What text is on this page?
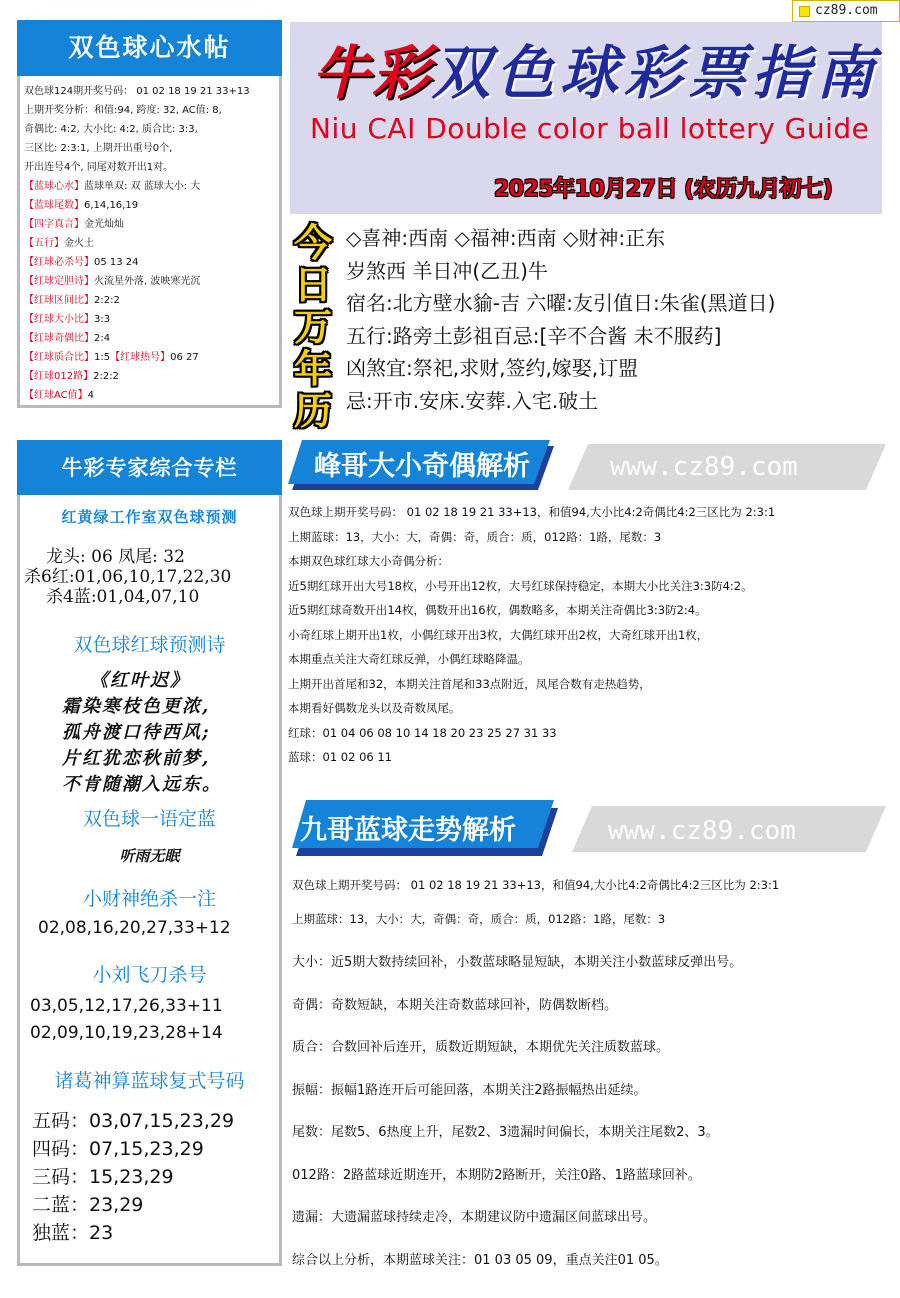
cz89.com
双色球心水帖
双色球124期开奖号码： 01 02 18 19 21 33+13
上期开奖分析：和值:94, 跨度: 32, AC值: 8,
奇偶比: 4:2, 大小比: 4:2, 质合比: 3:3,
三区比: 2:3:1, 上期开出重号0个,
开出连号4个, 同尾对数开出1对。
【蓝球心水】蓝球单双: 双 蓝球大小: 大
【蓝球尾数】6,14,16,19
【四字真言】金光灿灿
【五行】金火土
【红球必杀号】05 13 24
【红球定胆诗】火流星外落, 波映寒光沉
【红球区间比】2:2:2
【红球大小比】3:3
【红球奇偶比】2:4
【红球质合比】1:5【红球热号】06 27
【红球012路】2:2:2
【红球AC值】4
牛彩专家综合专栏
红黄绿工作室双色球预测
龙头: 06 凤尾: 32
杀6红:01,06,10,17,22,30
杀4蓝:01,04,07,10
双色球红球预测诗
《红叶迟》
霜染寒枝色更浓,
孤舟渡口待西风;
片红犹恋秋前梦,
不肯随潮入远东。
双色球一语定蓝
听雨无眠
小财神绝杀一注
02,08,16,20,27,33+12
小刘飞刀杀号
03,05,12,17,26,33+11
02,09,10,19,23,28+14
诸葛神算蓝球复式号码
五码：03,07,15,23,29
四码：07,15,23,29
三码：15,23,29
二蓝：23,29
独蓝：23
牛彩 双色球彩票指南
Niu CAI Double color ball lottery Guide
2025年10月27日 (农历九月初七)
今
日
万
年
历
◇喜神:西南 ◇福神:西南 ◇财神:正东
岁煞西 羊日冲(乙丑)牛
宿名:北方壁水貐-吉 六曜:友引值日:朱雀(黑道日)
五行:路旁土彭祖百忌:[辛不合酱 未不服药]
凶煞宜:祭祀,求财,签约,嫁娶,订盟
忌:开市.安床.安葬.入宅.破土
峰哥大小奇偶解析	www.cz89.com
双色球上期开奖号码： 01 02 18 19 21 33+13，和值94,大小比4:2奇偶比4:2三区比为 2:3:1
上期蓝球：13，大小：大，奇偶：奇，质合：质，012路：1路，尾数：3
本期双色球红球大小奇偶分析：
近5期红球开出大号18枚，小号开出12枚，大号红球保持稳定，本期大小比关注3:3防4:2。
近5期红球奇数开出14枚，偶数开出16枚，偶数略多，本期关注奇偶比3:3防2:4。
小奇红球上期开出1枚，小偶红球开出3枚，大偶红球开出2枚，大奇红球开出1枚，
本期重点关注大奇红球反弹，小偶红球略降温。
上期开出首尾和32，本期关注首尾和33点附近，凤尾合数有走热趋势，
本期看好偶数龙头以及奇数凤尾。
红球：01 04 06 08 10 14 18 20 23 25 27 31 33
蓝球：01 02 06 11
九哥蓝球走势解析	www.cz89.com
双色球上期开奖号码： 01 02 18 19 21 33+13，和值94,大小比4:2奇偶比4:2三区比为 2:3:1
上期蓝球：13，大小：大，奇偶：奇，质合：质，012路：1路，尾数：3
大小：近5期大数持续回补，小数蓝球略显短缺，本期关注小数蓝球反弹出号。
奇偶：奇数短缺，本期关注奇数蓝球回补，防偶数断档。
质合：合数回补后连开，质数近期短缺，本期优先关注质数蓝球。
振幅：振幅1路连开后可能回落，本期关注2路振幅热出延续。
尾数：尾数5、6热度上升，尾数2、3遗漏时间偏长，本期关注尾数2、3。
012路：2路蓝球近期连开，本期防2路断开，关注0路、1路蓝球回补。
遗漏：大遗漏蓝球持续走冷，本期建议防中遗漏区间蓝球出号。
综合以上分析，本期蓝球关注：01 03 05 09，重点关注01 05。
